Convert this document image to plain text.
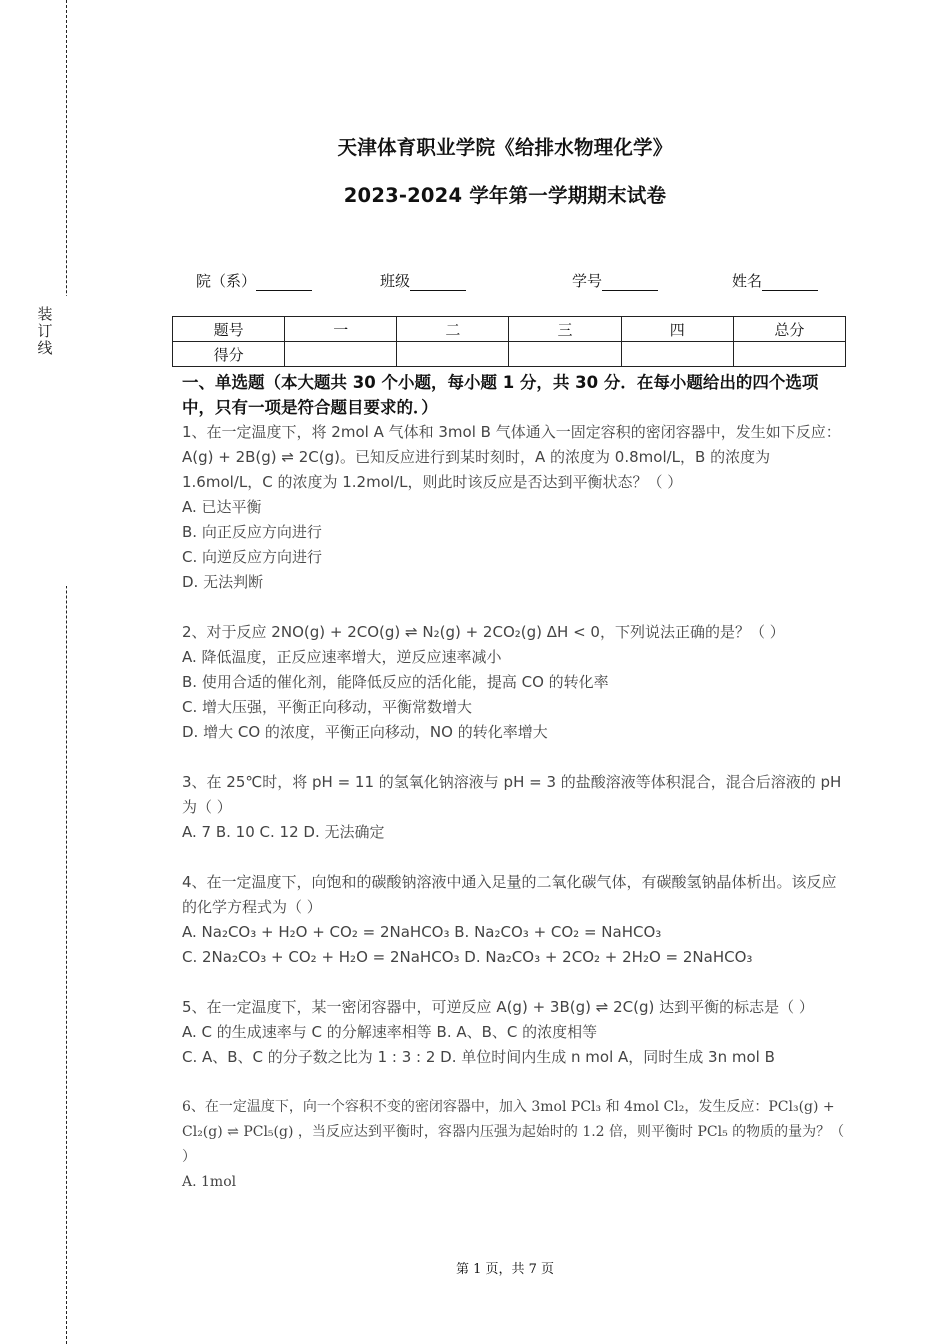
装
订
线
天津体育职业学院《给排水物理化学》
2023-2024 学年第一学期期末试卷
院（系）	班级	学号	姓名
题号	一	二	三	四	总分
得分					

一、单选题（本大题共 30 个小题，每小题 1 分，共 30 分．在每小题给出的四个选项中，只有一项是符合题目要求的．）

1、在一定温度下，将 2mol A 气体和 3mol B 气体通入一固定容积的密闭容器中，发生如下反应：A(g) + 2B(g) ⇌ 2C(g)。已知反应进行到某时刻时，A 的浓度为 0.8mol/L，B 的浓度为 1.6mol/L，C 的浓度为 1.2mol/L，则此时该反应是否达到平衡状态？（ ）

A. 已达平衡

B. 向正反应方向进行

C. 向逆反应方向进行

D. 无法判断

2、对于反应 2NO(g) + 2CO(g) ⇌ N₂(g) + 2CO₂(g) ΔH < 0，下列说法正确的是？（ ）

A. 降低温度，正反应速率增大，逆反应速率减小

B. 使用合适的催化剂，能降低反应的活化能，提高 CO 的转化率

C. 增大压强，平衡正向移动，平衡常数增大

D. 增大 CO 的浓度，平衡正向移动，NO 的转化率增大

3、在 25℃时，将 pH = 11 的氢氧化钠溶液与 pH = 3 的盐酸溶液等体积混合，混合后溶液的 pH 为（ ）

A. 7 B. 10 C. 12 D. 无法确定

4、在一定温度下，向饱和的碳酸钠溶液中通入足量的二氧化碳气体，有碳酸氢钠晶体析出。该反应的化学方程式为（ ）

A. Na₂CO₃ + H₂O + CO₂ = 2NaHCO₃ B. Na₂CO₃ + CO₂ = NaHCO₃

C. 2Na₂CO₃ + CO₂ + H₂O = 2NaHCO₃ D. Na₂CO₃ + 2CO₂ + 2H₂O = 2NaHCO₃

5、在一定温度下，某一密闭容器中，可逆反应 A(g) + 3B(g) ⇌ 2C(g) 达到平衡的标志是（ ）

A. C 的生成速率与 C 的分解速率相等 B. A、B、C 的浓度相等

C. A、B、C 的分子数之比为 1 : 3 : 2 D. 单位时间内生成 n mol A，同时生成 3n mol B

6、在一定温度下，向一个容积不变的密闭容器中，加入 3mol PCl₃ 和 4mol Cl₂，发生反应：PCl₃(g) + Cl₂(g) ⇌ PCl₅(g) ，当反应达到平衡时，容器内压强为起始时的 1.2 倍，则平衡时 PCl₅ 的物质的量为？（ ）

A. 1mol

第 1 页，共 7 页
